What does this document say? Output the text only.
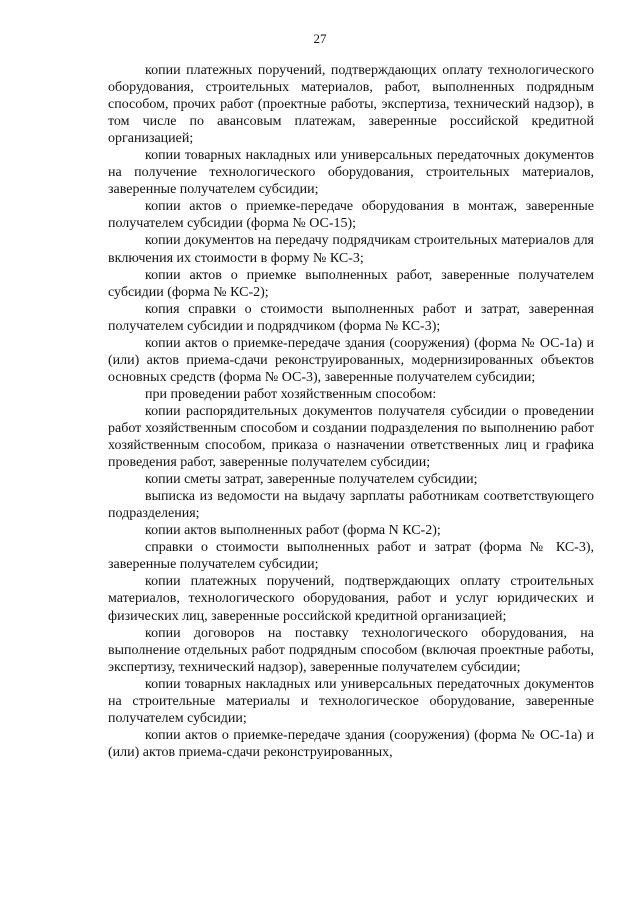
27

копии платежных поручений, подтверждающих оплату технологического оборудования, строительных материалов, работ, выполненных подрядным способом, прочих работ (проектные работы, экспертиза, технический надзор), в том числе по авансовым платежам, заверенные российской кредитной организацией;

копии товарных накладных или универсальных передаточных документов на получение технологического оборудования, строительных материалов, заверенные получателем субсидии;

копии актов о приемке-передаче оборудования в монтаж, заверенные получателем субсидии (форма № ОС-15);

копии документов на передачу подрядчикам строительных материалов для включения их стоимости в форму № КС-3;

копии актов о приемке выполненных работ, заверенные получателем субсидии (форма № КС-2);

копия справки о стоимости выполненных работ и затрат, заверенная получателем субсидии и подрядчиком (форма № КС-3);

копии актов о приемке-передаче здания (сооружения) (форма № ОС-1а) и (или) актов приема-сдачи реконструированных, модернизированных объектов основных средств (форма № ОС-3), заверенные получателем субсидии;

при проведении работ хозяйственным способом:

копии распорядительных документов получателя субсидии о проведении работ хозяйственным способом и создании подразделения по выполнению работ хозяйственным способом, приказа о назначении ответственных лиц и графика проведения работ, заверенные получателем субсидии;

копии сметы затрат, заверенные получателем субсидии;

выписка из ведомости на выдачу зарплаты работникам соответствующего подразделения;

копии актов выполненных работ (форма N КС-2);

справки о стоимости выполненных работ и затрат (форма № КС-3), заверенные получателем субсидии;

копии платежных поручений, подтверждающих оплату строительных материалов, технологического оборудования, работ и услуг юридических и физических лиц, заверенные российской кредитной организацией;

копии договоров на поставку технологического оборудования, на выполнение отдельных работ подрядным способом (включая проектные работы, экспертизу, технический надзор), заверенные получателем субсидии;

копии товарных накладных или универсальных передаточных документов на строительные материалы и технологическое оборудование, заверенные получателем субсидии;

копии актов о приемке-передаче здания (сооружения) (форма № ОС-1а) и (или) актов приема-сдачи реконструированных,
